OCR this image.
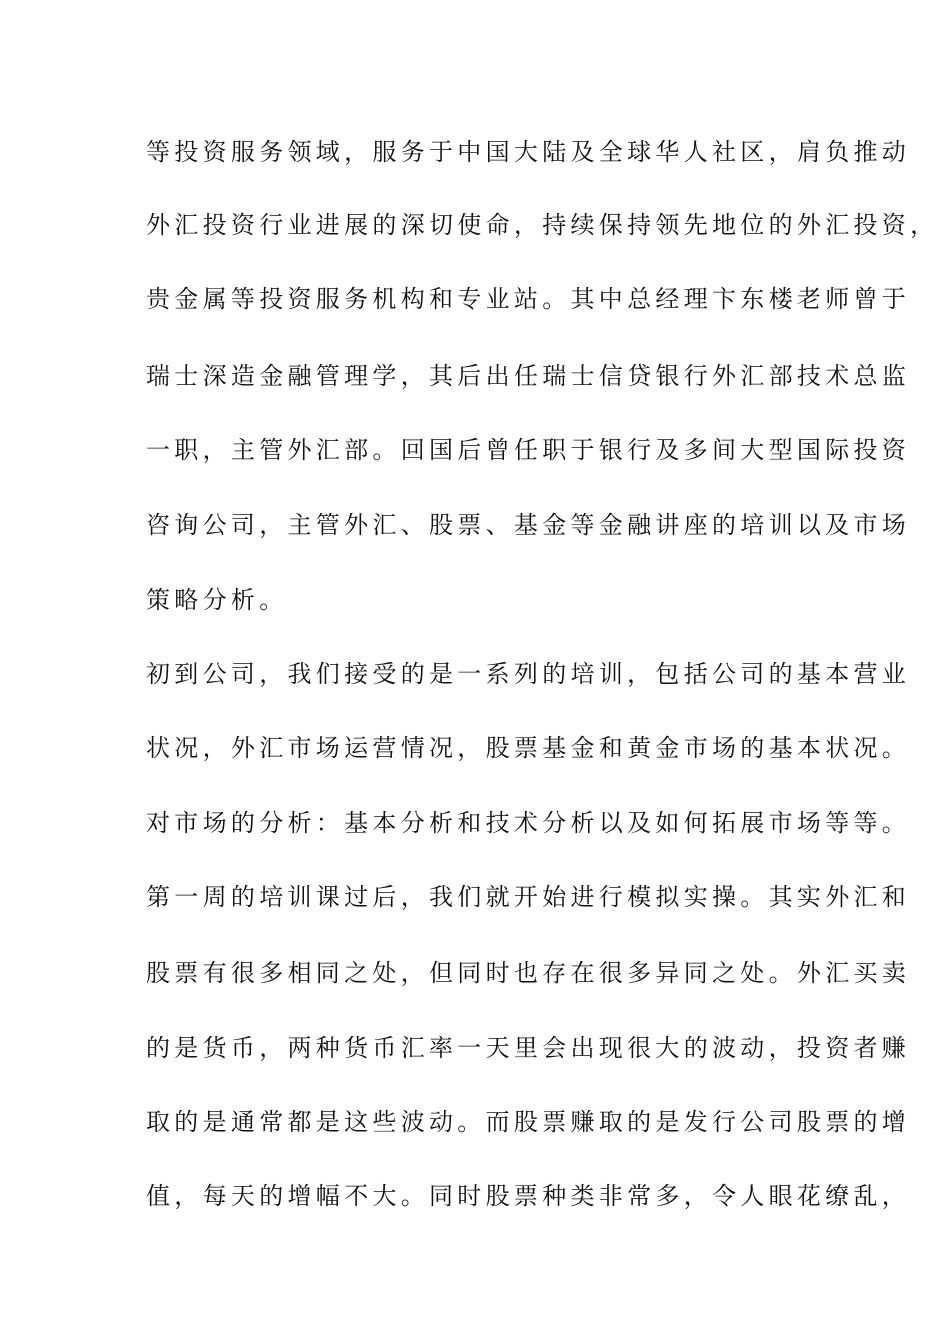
等投资服务领域，服务于中国大陆及全球华人社区，肩负推动

外汇投资行业进展的深切使命，持续保持领先地位的外汇投资，

贵金属等投资服务机构和专业站。其中总经理卞东楼老师曾于

瑞士深造金融管理学，其后出任瑞士信贷银行外汇部技术总监

一职，主管外汇部。回国后曾任职于银行及多间大型国际投资

咨询公司，主管外汇、股票、基金等金融讲座的培训以及市场

策略分析。

初到公司，我们接受的是一系列的培训，包括公司的基本营业

状况，外汇市场运营情况，股票基金和黄金市场的基本状况。

对市场的分析：基本分析和技术分析以及如何拓展市场等等。

第一周的培训课过后，我们就开始进行模拟实操。其实外汇和

股票有很多相同之处，但同时也存在很多异同之处。外汇买卖

的是货币，两种货币汇率一天里会出现很大的波动，投资者赚

取的是通常都是这些波动。而股票赚取的是发行公司股票的增

值，每天的增幅不大。同时股票种类非常多，令人眼花缭乱，
